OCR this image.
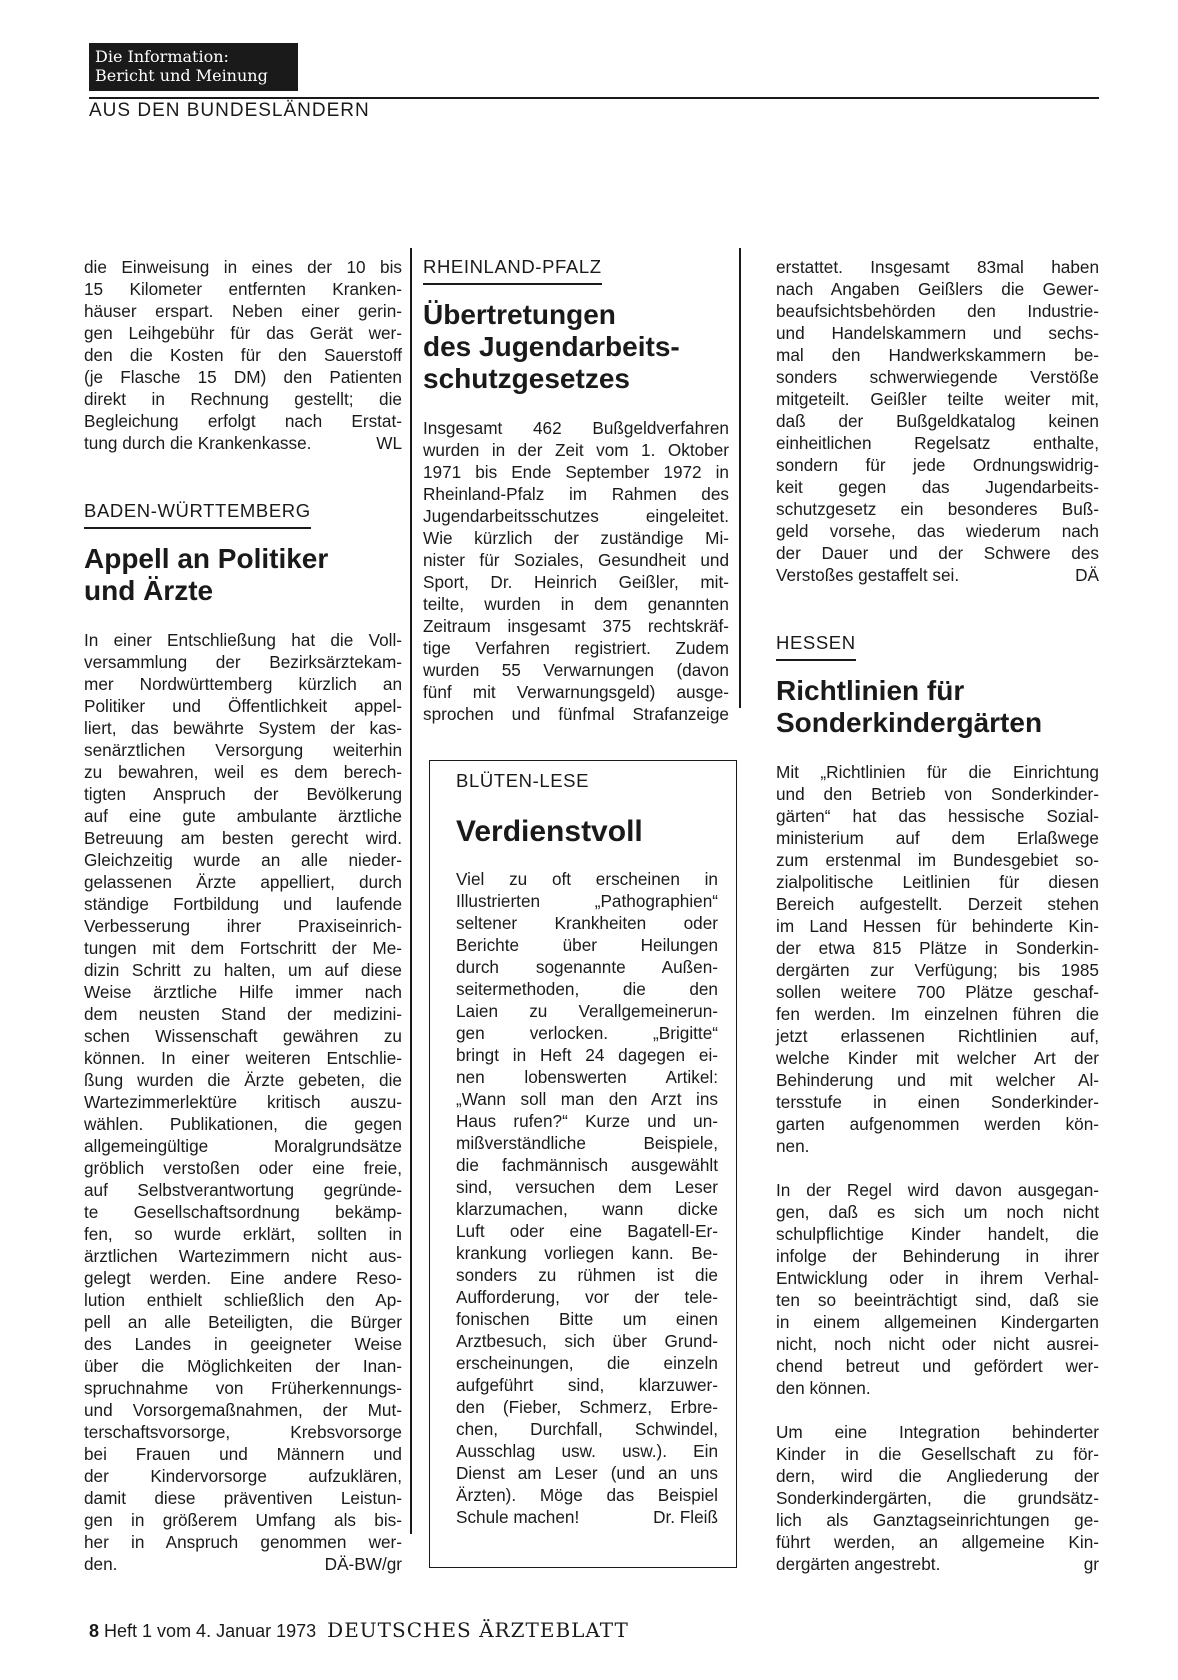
Die Information:
Bericht und Meinung
AUS DEN BUNDESLÄNDERN
die Einweisung in eines der 10 bis
15 Kilometer entfernten Kranken-
häuser erspart. Neben einer gerin-
gen Leihgebühr für das Gerät wer-
den die Kosten für den Sauerstoff
(je Flasche 15 DM) den Patienten
direkt in Rechnung gestellt; die
Begleichung erfolgt nach Erstat-
tung durch die Krankenkasse.	WL
BADEN-WÜRTTEMBERG
Appell an Politiker
und Ärzte
In einer Entschließung hat die Voll-
versammlung der Bezirksärztekam-
mer Nordwürttemberg kürzlich an
Politiker und Öffentlichkeit appel-
liert, das bewährte System der kas-
senärztlichen Versorgung weiterhin
zu bewahren, weil es dem berech-
tigten Anspruch der Bevölkerung
auf eine gute ambulante ärztliche
Betreuung am besten gerecht wird.
Gleichzeitig wurde an alle nieder-
gelassenen Ärzte appelliert, durch
ständige Fortbildung und laufende
Verbesserung ihrer Praxiseinrich-
tungen mit dem Fortschritt der Me-
dizin Schritt zu halten, um auf diese
Weise ärztliche Hilfe immer nach
dem neusten Stand der medizini-
schen Wissenschaft gewähren zu
können. In einer weiteren Entschlie-
ßung wurden die Ärzte gebeten, die
Wartezimmerlektüre kritisch auszu-
wählen. Publikationen, die gegen
allgemeingültige Moralgrundsätze
gröblich verstoßen oder eine freie,
auf Selbstverantwortung gegründe-
te Gesellschaftsordnung bekämp-
fen, so wurde erklärt, sollten in
ärztlichen Wartezimmern nicht aus-
gelegt werden. Eine andere Reso-
lution enthielt schließlich den Ap-
pell an alle Beteiligten, die Bürger
des Landes in geeigneter Weise
über die Möglichkeiten der Inan-
spruchnahme von Früherkennungs-
und Vorsorgemaßnahmen, der Mut-
terschaftsvorsorge, Krebsvorsorge
bei Frauen und Männern und
der Kindervorsorge aufzuklären,
damit diese präventiven Leistun-
gen in größerem Umfang als bis-
her in Anspruch genommen wer-
den.	DÄ-BW/gr
RHEINLAND-PFALZ
Übertretungen
des Jugendarbeits-
schutzgesetzes
Insgesamt 462 Bußgeldverfahren
wurden in der Zeit vom 1. Oktober
1971 bis Ende September 1972 in
Rheinland-Pfalz im Rahmen des
Jugendarbeitsschutzes eingeleitet.
Wie kürzlich der zuständige Mi-
nister für Soziales, Gesundheit und
Sport, Dr. Heinrich Geißler, mit-
teilte, wurden in dem genannten
Zeitraum insgesamt 375 rechtskräf-
tige Verfahren registriert. Zudem
wurden 55 Verwarnungen (davon
fünf mit Verwarnungsgeld) ausge-
sprochen und fünfmal Strafanzeige
BLÜTEN-LESE
Verdienstvoll
Viel zu oft erscheinen in
Illustrierten „Pathographien“
seltener Krankheiten oder
Berichte über Heilungen
durch sogenannte Außen-
seitermethoden, die den
Laien zu Verallgemeinerun-
gen verlocken. „Brigitte“
bringt in Heft 24 dagegen ei-
nen lobenswerten Artikel:
„Wann soll man den Arzt ins
Haus rufen?“ Kurze und un-
mißverständliche Beispiele,
die fachmännisch ausgewählt
sind, versuchen dem Leser
klarzumachen, wann dicke
Luft oder eine Bagatell-Er-
krankung vorliegen kann. Be-
sonders zu rühmen ist die
Aufforderung, vor der tele-
fonischen Bitte um einen
Arztbesuch, sich über Grund-
erscheinungen, die einzeln
aufgeführt sind, klarzuwer-
den (Fieber, Schmerz, Erbre-
chen, Durchfall, Schwindel,
Ausschlag usw. usw.). Ein
Dienst am Leser (und an uns
Ärzten). Möge das Beispiel
Schule machen!	Dr. Fleiß
erstattet. Insgesamt 83mal haben
nach Angaben Geißlers die Gewer-
beaufsichtsbehörden den Industrie-
und Handelskammern und sechs-
mal den Handwerkskammern be-
sonders schwerwiegende Verstöße
mitgeteilt. Geißler teilte weiter mit,
daß der Bußgeldkatalog keinen
einheitlichen Regelsatz enthalte,
sondern für jede Ordnungswidrig-
keit gegen das Jugendarbeits-
schutzgesetz ein besonderes Buß-
geld vorsehe, das wiederum nach
der Dauer und der Schwere des
Verstoßes gestaffelt sei.	DÄ
HESSEN
Richtlinien für
Sonderkindergärten
Mit „Richtlinien für die Einrichtung
und den Betrieb von Sonderkinder-
gärten“ hat das hessische Sozial-
ministerium auf dem Erlaßwege
zum erstenmal im Bundesgebiet so-
zialpolitische Leitlinien für diesen
Bereich aufgestellt. Derzeit stehen
im Land Hessen für behinderte Kin-
der etwa 815 Plätze in Sonderkin-
dergärten zur Verfügung; bis 1985
sollen weitere 700 Plätze geschaf-
fen werden. Im einzelnen führen die
jetzt erlassenen Richtlinien auf,
welche Kinder mit welcher Art der
Behinderung und mit welcher Al-
tersstufe in einen Sonderkinder-
garten aufgenommen werden kön-
nen.
In der Regel wird davon ausgegan-
gen, daß es sich um noch nicht
schulpflichtige Kinder handelt, die
infolge der Behinderung in ihrer
Entwicklung oder in ihrem Verhal-
ten so beeinträchtigt sind, daß sie
in einem allgemeinen Kindergarten
nicht, noch nicht oder nicht ausrei-
chend betreut und gefördert wer-
den können.
Um eine Integration behinderter
Kinder in die Gesellschaft zu för-
dern, wird die Angliederung der
Sonderkindergärten, die grundsätz-
lich als Ganztagseinrichtungen ge-
führt werden, an allgemeine Kin-
dergärten angestrebt.	gr
8 Heft 1 vom 4. Januar 1973 DEUTSCHES ÄRZTEBLATT
